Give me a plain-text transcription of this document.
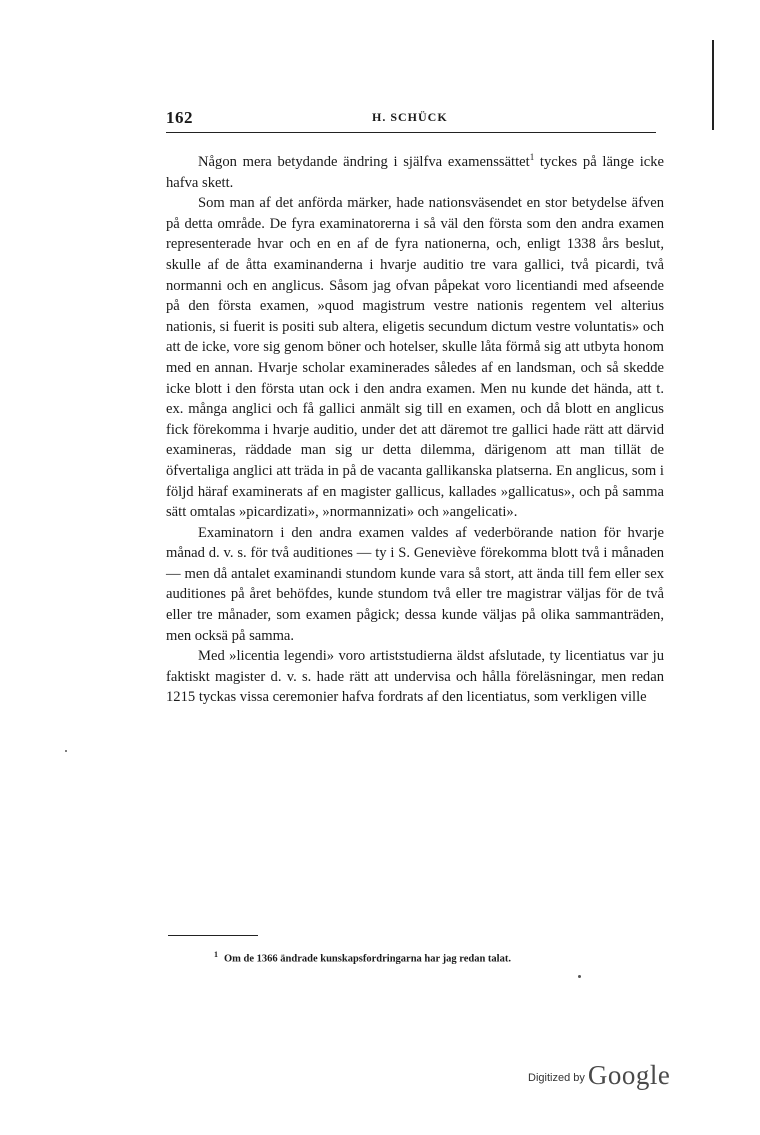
162	H. SCHÜCK

Någon mera betydande ändring i själfva examenssättet$^1$ tyckes på länge icke hafva skett.

Som man af det anförda märker, hade nationsväsendet en stor betydelse äfven på detta område. De fyra examinatorerna i så väl den första som den andra examen representerade hvar och en en af de fyra nationerna, och, enligt 1338 års beslut, skulle af de åtta examinanderna i hvarje auditio tre vara gallici, två picardi, två normanni och en anglicus. Såsom jag ofvan påpekat voro licentiandi med afseende på den första examen, »quod magistrum vestre nationis regentem vel alterius nationis, si fuerit is positi sub altera, eligetis secundum dictum vestre voluntatis» och att de icke, vore sig genom böner och hotelser, skulle låta förmå sig att utbyta honom med en annan. Hvarje scholar examinerades således af en landsman, och så skedde icke blott i den första utan ock i den andra examen. Men nu kunde det hända, att t. ex. många anglici och få gallici anmält sig till en examen, och då blott en anglicus fick förekomma i hvarje auditio, under det att däremot tre gallici hade rätt att därvid examineras, räddade man sig ur detta dilemma, därigenom att man tillät de öfvertaliga anglici att träda in på de vacanta gallikanska platserna. En anglicus, som i följd häraf examinerats af en magister gallicus, kallades »gallicatus», och på samma sätt omtalas »picardizati», »normannizati» och »angelicati».

Examinatorn i den andra examen valdes af vederbörande nation för hvarje månad d. v. s. för två auditiones — ty i S. Geneviève förekomma blott två i månaden — men då antalet examinandi stundom kunde vara så stort, att ända till fem eller sex auditiones på året behöfdes, kunde stundom två eller tre magistrar väljas för de två eller tre månader, som examen pågick; dessa kunde väljas på olika sammanträden, men ocksä på samma.

Med »licentia legendi» voro artiststudierna äldst afslutade, ty licentiatus var ju faktiskt magister d. v. s. hade rätt att undervisa och hålla föreläsningar, men redan 1215 tyckas vissa ceremonier hafva fordrats af den licentiatus, som verkligen ville

$^1$ Om de 1366 ändrade kunskapsfordringarna har jag redan talat.
Digitized by Google
